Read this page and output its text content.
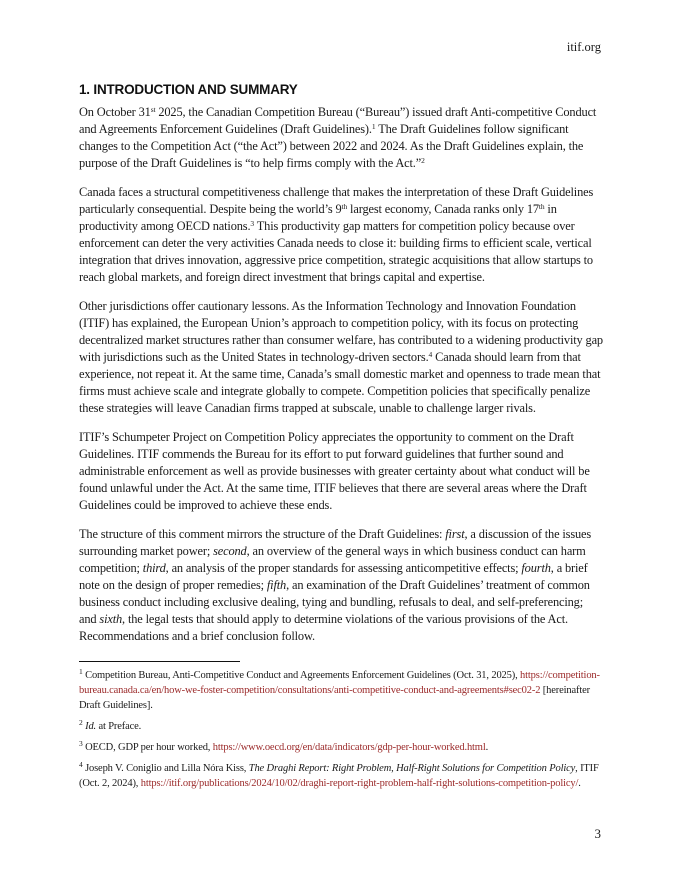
itif.org
1. INTRODUCTION AND SUMMARY

On October 31st 2025, the Canadian Competition Bureau (“Bureau”) issued draft Anti-competitive Conduct and Agreements Enforcement Guidelines (Draft Guidelines).$^1$ The Draft Guidelines follow significant changes to the Competition Act (“the Act”) between 2022 and 2024. As the Draft Guidelines explain, the purpose of the Draft Guidelines is “to help firms comply with the Act.”$^2$

Canada faces a structural competitiveness challenge that makes the interpretation of these Draft Guidelines particularly consequential. Despite being the world’s 9th largest economy, Canada ranks only 17th in productivity among OECD nations.$^3$ This productivity gap matters for competition policy because over enforcement can deter the very activities Canada needs to close it: building firms to efficient scale, vertical integration that drives innovation, aggressive price competition, strategic acquisitions that allow startups to reach global markets, and foreign direct investment that brings capital and expertise.

Other jurisdictions offer cautionary lessons. As the Information Technology and Innovation Foundation (ITIF) has explained, the European Union’s approach to competition policy, with its focus on protecting decentralized market structures rather than consumer welfare, has contributed to a widening productivity gap with jurisdictions such as the United States in technology-driven sectors.$^4$ Canada should learn from that experience, not repeat it. At the same time, Canada’s small domestic market and openness to trade mean that firms must achieve scale and integrate globally to compete. Competition policies that specifically penalize these strategies will leave Canadian firms trapped at subscale, unable to challenge larger rivals.

ITIF’s Schumpeter Project on Competition Policy appreciates the opportunity to comment on the Draft Guidelines. ITIF commends the Bureau for its effort to put forward guidelines that further sound and administrable enforcement as well as provide businesses with greater certainty about what conduct will be found unlawful under the Act. At the same time, ITIF believes that there are several areas where the Draft Guidelines could be improved to achieve these ends.

The structure of this comment mirrors the structure of the Draft Guidelines: first, a discussion of the issues surrounding market power; second, an overview of the general ways in which business conduct can harm competition; third, an analysis of the proper standards for assessing anticompetitive effects; fourth, a brief note on the design of proper remedies; fifth, an examination of the Draft Guidelines’ treatment of common business conduct including exclusive dealing, tying and bundling, refusals to deal, and self-preferencing; and sixth, the legal tests that should apply to determine violations of the various provisions of the Act. Recommendations and a brief conclusion follow.

$^1$ Competition Bureau, Anti-Competitive Conduct and Agreements Enforcement Guidelines (Oct. 31, 2025), https://competition-bureau.canada.ca/en/how-we-foster-competition/consultations/anti-competitive-conduct-and-agreements#sec02-2 [hereinafter Draft Guidelines].

$^2$ Id. at Preface.

$^3$ OECD, GDP per hour worked, https://www.oecd.org/en/data/indicators/gdp-per-hour-worked.html.

$^4$ Joseph V. Coniglio and Lilla Nóra Kiss, The Draghi Report: Right Problem, Half-Right Solutions for Competition Policy, ITIF (Oct. 2, 2024), https://itif.org/publications/2024/10/02/draghi-report-right-problem-half-right-solutions-competition-policy/.

3
